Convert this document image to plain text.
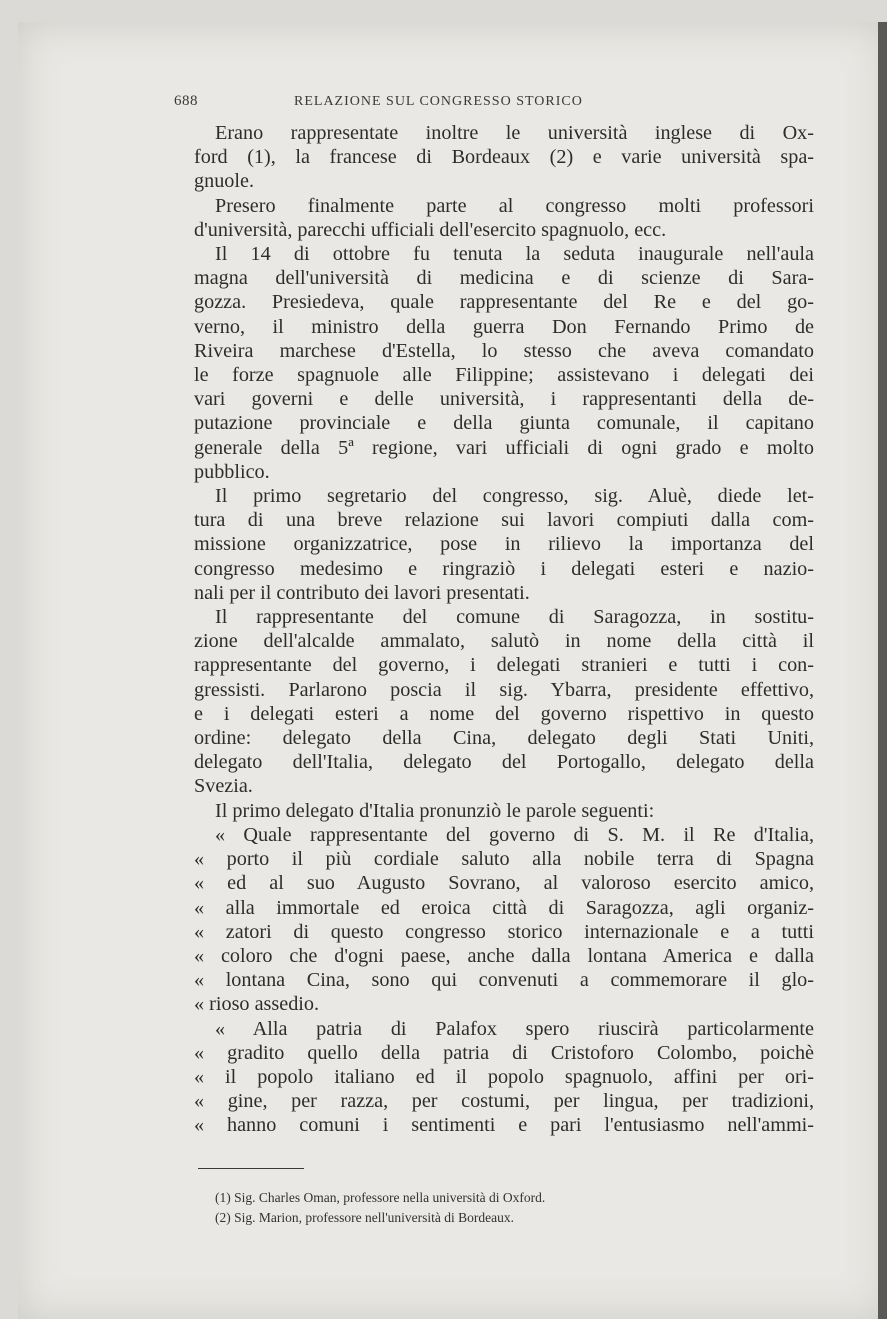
688	RELAZIONE SUL CONGRESSO STORICO
Erano rappresentate inoltre le università inglese di Ox-
ford (1), la francese di Bordeaux (2) e varie università spa-
gnuole.
Presero finalmente parte al congresso molti professori
d'università, parecchi ufficiali dell'esercito spagnuolo, ecc.
Il 14 di ottobre fu tenuta la seduta inaugurale nell'aula
magna dell'università di medicina e di scienze di Sara-
gozza. Presiedeva, quale rappresentante del Re e del go-
verno, il ministro della guerra Don Fernando Primo de
Riveira marchese d'Estella, lo stesso che aveva comandato
le forze spagnuole alle Filippine; assistevano i delegati dei
vari governi e delle università, i rappresentanti della de-
putazione provinciale e della giunta comunale, il capitano
generale della 5ª regione, vari ufficiali di ogni grado e molto
pubblico.
Il primo segretario del congresso, sig. Aluè, diede let-
tura di una breve relazione sui lavori compiuti dalla com-
missione organizzatrice, pose in rilievo la importanza del
congresso medesimo e ringraziò i delegati esteri e nazio-
nali per il contributo dei lavori presentati.
Il rappresentante del comune di Saragozza, in sostitu-
zione dell'alcalde ammalato, salutò in nome della città il
rappresentante del governo, i delegati stranieri e tutti i con-
gressisti. Parlarono poscia il sig. Ybarra, presidente effettivo,
e i delegati esteri a nome del governo rispettivo in questo
ordine: delegato della Cina, delegato degli Stati Uniti,
delegato dell'Italia, delegato del Portogallo, delegato della
Svezia.
Il primo delegato d'Italia pronunziò le parole seguenti:
« Quale rappresentante del governo di S. M. il Re d'Italia,
« porto il più cordiale saluto alla nobile terra di Spagna
« ed al suo Augusto Sovrano, al valoroso esercito amico,
« alla immortale ed eroica città di Saragozza, agli organiz-
« zatori di questo congresso storico internazionale e a tutti
« coloro che d'ogni paese, anche dalla lontana America e dalla
« lontana Cina, sono qui convenuti a commemorare il glo-
« rioso assedio.
« Alla patria di Palafox spero riuscirà particolarmente
« gradito quello della patria di Cristoforo Colombo, poichè
« il popolo italiano ed il popolo spagnuolo, affini per ori-
« gine, per razza, per costumi, per lingua, per tradizioni,
« hanno comuni i sentimenti e pari l'entusiasmo nell'ammi-
(1) Sig. Charles Oman, professore nella università di Oxford.
(2) Sig. Marion, professore nell'università di Bordeaux.
